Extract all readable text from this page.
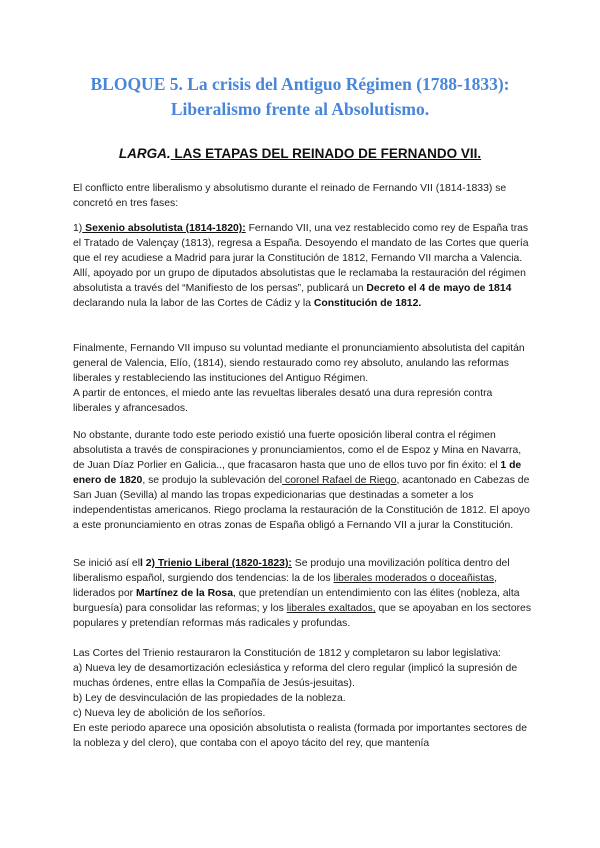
BLOQUE 5. La crisis del Antiguo Régimen (1788-1833):
Liberalismo frente al Absolutismo.
LARGA. LAS ETAPAS DEL REINADO DE FERNANDO VII.

El conflicto entre liberalismo y absolutismo durante el reinado de Fernando VII (1814-1833) se concretó en tres fases:

1) Sexenio absolutista (1814-1820): Fernando VII, una vez restablecido como rey de España tras el Tratado de Valençay (1813), regresa a España. Desoyendo el mandato de las Cortes que quería que el rey acudiese a Madrid para jurar la Constitución de 1812, Fernando VII marcha a Valencia. Allí, apoyado por un grupo de diputados absolutistas que le reclamaba la restauración del régimen absolutista a través del “Manifiesto de los persas”, publicará un Decreto el 4 de mayo de 1814 declarando nula la labor de las Cortes de Cádiz y la Constitución de 1812.

Finalmente, Fernando VII impuso su voluntad mediante el pronunciamiento absolutista del capitán general de Valencia, Elío, (1814), siendo restaurado como rey absoluto, anulando las reformas liberales y restableciendo las instituciones del Antiguo Régimen.
A partir de entonces, el miedo ante las revueltas liberales desató una dura represión contra liberales y afrancesados.

No obstante, durante todo este periodo existió una fuerte oposición liberal contra el régimen absolutista a través de conspiraciones y pronunciamientos, como el de Espoz y Mina en Navarra, de Juan Díaz Porlier en Galicia.., que fracasaron hasta que uno de ellos tuvo por fin éxito: el 1 de enero de 1820, se produjo la sublevación del coronel Rafael de Riego, acantonado en Cabezas de San Juan (Sevilla) al mando las tropas expedicionarias que destinadas a someter a los independentistas americanos. Riego proclama la restauración de la Constitución de 1812. El apoyo a este pronunciamiento en otras zonas de España obligó a Fernando VII a jurar la Constitución.

Se inició así ell 2) Trienio Liberal (1820-1823): Se produjo una movilización política dentro del liberalismo español, surgiendo dos tendencias: la de los liberales moderados o doceañistas, liderados por Martínez de la Rosa, que pretendían un entendimiento con las élites (nobleza, alta burguesía) para consolidar las reformas; y los liberales exaltados, que se apoyaban en los sectores populares y pretendían reformas más radicales y profundas.

Las Cortes del Trienio restauraron la Constitución de 1812 y completaron su labor legislativa:
a) Nueva ley de desamortización eclesiástica y reforma del clero regular (implicó la supresión de muchas órdenes, entre ellas la Compañía de Jesús-jesuitas).
b) Ley de desvinculación de las propiedades de la nobleza.
c) Nueva ley de abolición de los señoríos.
En este periodo aparece una oposición absolutista o realista (formada por importantes sectores de la nobleza y del clero), que contaba con el apoyo tácito del rey, que mantenía
